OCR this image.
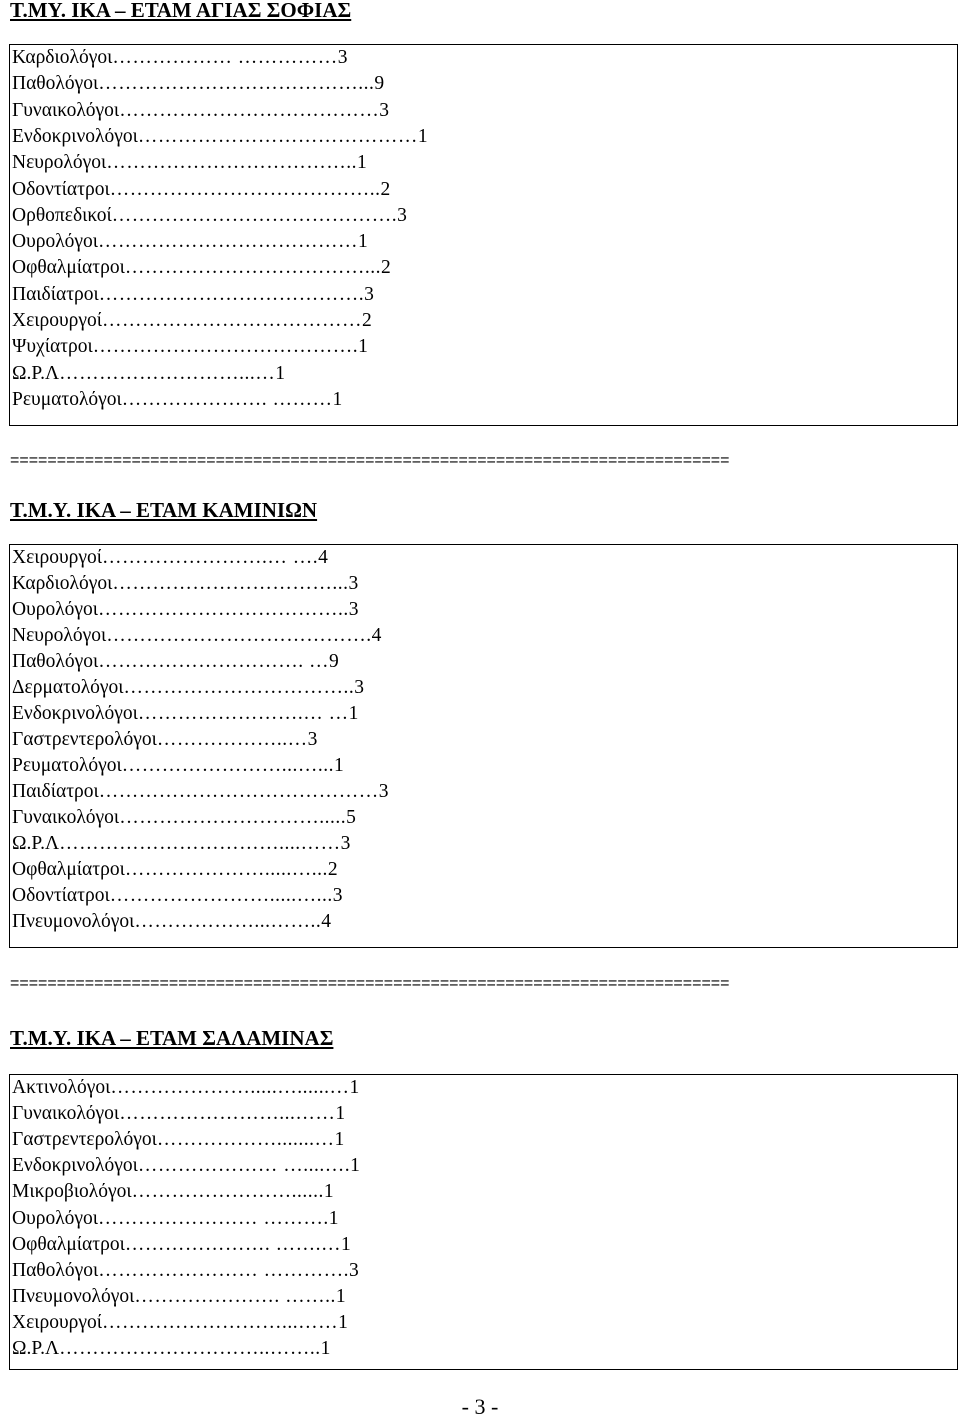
Τ.ΜΥ. ΙΚΑ – ΕΤΑΜ ΑΓΙΑΣ ΣΟΦΙΑΣ
Καρδιολόγοι……………… ……………3
Παθολόγοι…………………………………...9
Γυναικολόγοι…………………………………3
Ενδοκρινολόγοι……………………………………1
Νευρολόγοι………………………………..1
Οδοντίατροι…………………………………..2
Ορθοπεδικοί…………………………………….3
Ουρολόγοι…………………………………1
Οφθαλμίατροι………………………………...2
Παιδίατροι………………………………….3
Χειρουργοί…………………………………2
Ψυχίατροι………………………………….1
Ω.Ρ.Λ………………………...…1
Ρευματολόγοι…………………. ………1
=============================================================================
Τ.Μ.Υ. ΙΚΑ – ΕΤΑΜ ΚΑΜΙΝΙΩΝ
Χειρουργοί…………………….… ….4
Καρδιολόγοι……………………………...3
Ουρολόγοι………………………………..3
Νευρολόγοι………………………………….4
Παθολόγοι…………………………. …9
Δερματολόγοι……………………………..3
Ενδοκρινολόγοι…………………….… …1
Γαστρεντερολόγοι………………..…3
Ρευματολόγοι……………………...…...1
Παιδίατροι……………………………………3
Γυναικολόγοι………………………….....5
Ω.Ρ.Λ……………………………....……3
Οφθαλμίατροι………………….....…...2
Οδοντίατροι…………………….....…...3
Πνευμονολόγοι………………...……..4
=============================================================================
Τ.Μ.Υ. ΙΚΑ – ΕΤΑΜ ΣΑΛΑΜΙΝΑΣ
Ακτινολόγοι………………….....…......…1
Γυναικολόγοι……………………...……1
Γαστρεντερολόγοι……………….......…1
Ενδοκρινολόγοι………………… …....….1
Μικροβιολόγοι……………………......1
Ουρολόγοι…………………… ……….1
Οφθαλμίατροι…………………. …….…1
Παθολόγοι…………………… ………….3
Πνευμονολόγοι…………………. ……..1
Χειρουργοί………………………...……1
Ω.Ρ.Λ…………………………..……..1
- 3 -
